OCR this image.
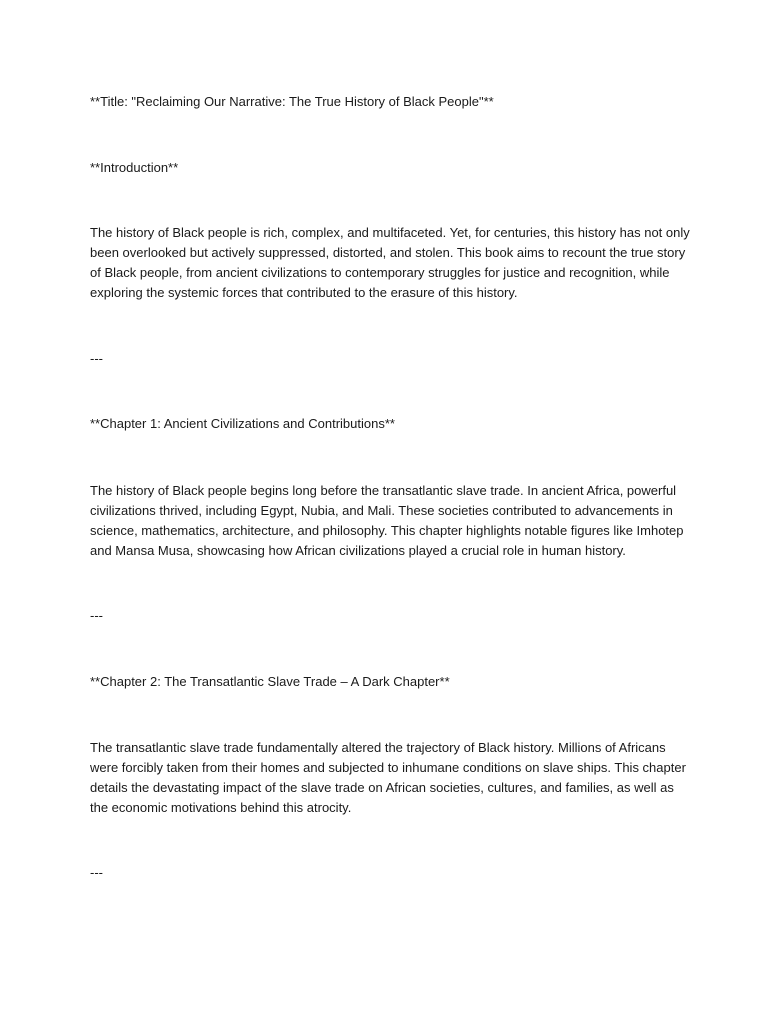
**Title: "Reclaiming Our Narrative: The True History of Black People"**

**Introduction**

The history of Black people is rich, complex, and multifaceted. Yet, for centuries, this history has not only been overlooked but actively suppressed, distorted, and stolen. This book aims to recount the true story of Black people, from ancient civilizations to contemporary struggles for justice and recognition, while exploring the systemic forces that contributed to the erasure of this history.

---

**Chapter 1: Ancient Civilizations and Contributions**

The history of Black people begins long before the transatlantic slave trade. In ancient Africa, powerful civilizations thrived, including Egypt, Nubia, and Mali. These societies contributed to advancements in science, mathematics, architecture, and philosophy. This chapter highlights notable figures like Imhotep and Mansa Musa, showcasing how African civilizations played a crucial role in human history.

---

**Chapter 2: The Transatlantic Slave Trade – A Dark Chapter**

The transatlantic slave trade fundamentally altered the trajectory of Black history. Millions of Africans were forcibly taken from their homes and subjected to inhumane conditions on slave ships. This chapter details the devastating impact of the slave trade on African societies, cultures, and families, as well as the economic motivations behind this atrocity.

---
